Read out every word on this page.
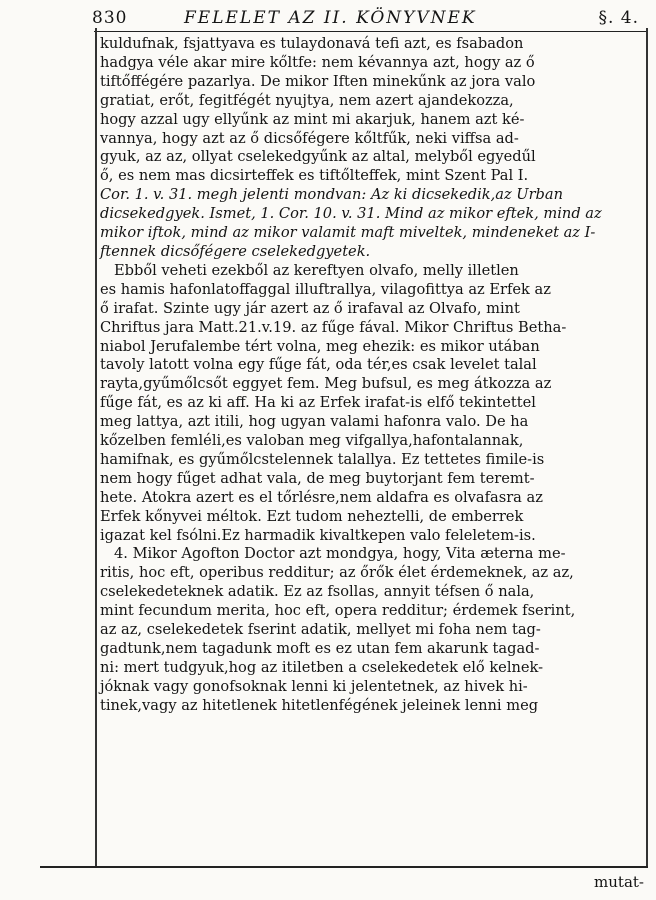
830	FELELET AZ II. KÖNYVNEK	§. 4.
kuldufnak, fsjattyava es tulaydonavá tefi azt, es fsabadon
hadgya véle akar mire kőltfe: nem kévannya azt, hogy az ő
tiftőffégére pazarlya. De mikor Iften minekűnk az jora valo
gratiat, erőt, fegitfégét nyujtya, nem azert ajandekozza,
hogy azzal ugy ellyűnk az mint mi akarjuk, hanem azt ké-
vannya, hogy azt az ő dicsőfégere kőltfűk, neki viffsa ad-
gyuk, az az, ollyat cselekedgyűnk az altal, melyből egyedűl
ő, es nem mas dicsirteffek es tiftőlteffek, mint Szent Pal I.
Cor. 1. v. 31. megh jelenti mondvan: Az ki dicsekedik,az Urban
dicsekedgyek. Ismet, 1. Cor. 10. v. 31. Mind az mikor eftek, mind az
mikor iftok, mind az mikor valamit maft miveltek, mindeneket az I-
ftennek dicsőfégere cselekedgyetek.
Ebből veheti ezekből az kereftyen olvafo, melly illetlen
es hamis hafonlatoffaggal illuftrallya, vilagofittya az Erfek az
ő irafat. Szinte ugy jár azert az ő irafaval az Olvafo, mint
Chriftus jara Matt.21.v.19. az fűge fával. Mikor Chriftus Betha-
niabol Jerufalembe tért volna, meg ehezik: es mikor utában
tavoly latott volna egy fűge fát, oda tér,es csak levelet talal
rayta,gyűmőlcsőt eggyet fem. Meg bufsul, es meg átkozza az
fűge fát, es az ki aff. Ha ki az Erfek irafat-is elfő tekintettel
meg lattya, azt itili, hog ugyan valami hafonra valo. De ha
kőzelben femléli,es valoban meg vifgallya,hafontalannak,
hamifnak, es gyűmőlcstelennek talallya. Ez tettetes fimile-is
nem hogy fűget adhat vala, de meg buytorjant fem teremt-
hete. Atokra azert es el tőrlésre,nem aldafra es olvafasra az
Erfek kőnyvei méltok. Ezt tudom neheztelli, de emberrek
igazat kel fsólni.Ez harmadik kivaltkepen valo feleletem-is.
4. Mikor Agofton Doctor azt mondgya, hogy, Vita æterna me-
ritis, hoc eft, operibus redditur; az őrők élet érdemeknek, az az,
cselekedeteknek adatik. Ez az fsollas, annyit téfsen ő nala,
mint fecundum merita, hoc eft, opera redditur; érdemek fserint,
az az, cselekedetek fserint adatik, mellyet mi foha nem tag-
gadtunk,nem tagadunk moft es ez utan fem akarunk tagad-
ni: mert tudgyuk,hog az itiletben a cselekedetek elő kelnek-
jóknak vagy gonofsoknak lenni ki jelentetnek, az hivek hi-
tinek,vagy az hitetlenek hitetlenfégének jeleinek lenni meg
mutat-
